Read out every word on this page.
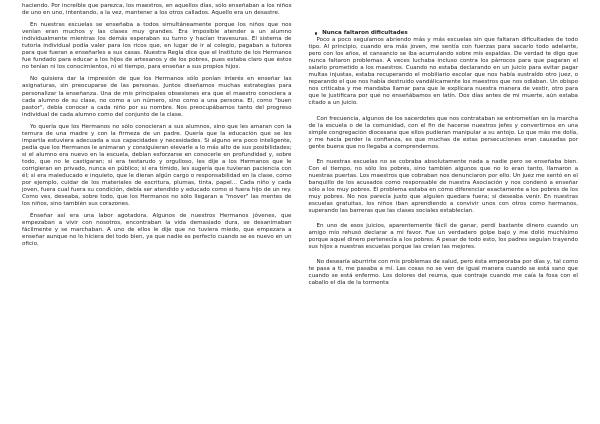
haciendo. Por increíble que parezca, los maestros, en aquellos días, sólo enseñaban a los niños de uno en uno, intentando, a la vez, mantener a los otros callados. Aquello era un desastre.

En nuestras escuelas se enseñaba a todos simultáneamente porque los niños que nos venían eran muchos y las clases muy grandes. Era imposible atender a un alumno individualmente mientras los demás esperaban su turno y hacían travesuras. El sistema de tutoría individual podía valer para los ricos que, en lugar de ir al colegio, pagaban a tutores para que fueran a enseñarles a sus casas. Nuestra Regla dice que el Instituto de los Hermanos fue fundado para educar a los hijos de artesanos y de los pobres, pues estaba claro que éstos no tenían ni los conocimientos, ni el tiempo, para enseñar a sus propios hijos.

No quisiera dar la impresión de que los Hermanos sólo ponían interés en enseñar las asignaturas, sin preocuparse de las personas. Juntos diseñamos muchas estrategias para personalizar la enseñanza. Una de mis principales obsesiones era que el maestro conociera a cada alumno de su clase, no como a un número, sino como a una persona. El, como "buen pastor", debía conocer a cada niño por su nombre. Nos preocupábamos tanto del progreso individual de cada alumno como del conjunto de la clase.

Yo quería que los Hermanos no sólo conocieran a sus alumnos, sino que les amaran con la ternura de una madre y con la firmeza de un padre. Quería que la educación que se les impartía estuviera adecuada a sus capacidades y necesidades. Si alguno era poco inteligente, pedía que los Hermanos le animaran y consiguieran elevarle a lo más alto de sus posibilidades; si el alumno era nuevo en la escuela, debían esforzarse en conocerle en profundidad y, sobre todo, que no le castigaran; si era testarudo y orgulloso, les dije a los Hermanos que le corrigieran en privado, nunca en público; si era tímido, les sugería que tuvieran paciencia con él; si era maleducado e inquieto, que le dieran algún cargo o responsabilidad en la clase, como por ejemplo, cuidar de los materiales de escritura, plumas, tinta, papel... Cada niño y cada joven, fuera cual fuera su condición, debía ser atendido y educado como si fuera hijo de un rey. Como ves, deseaba, sobre todo, que los Hermanos no sólo llegaran a "mover" las mentes de los niños, sino también sus corazones.

Enseñar así era una labor agotadora. Algunos de nuestros Hermanos jóvenes, que empezaban a vivir con nosotros, encontraban la vida demasiado dura, se desanimaban fácilmente y se marchaban. A uno de ellos le dije que no tuviera miedo, que empezara a enseñar aunque no lo hiciera del todo bien, ya que nadie es perfecto cuando se es nuevo en un oficio.

Nunca faltaron dificultades

Poco a poco seguíamos abriendo más y más escuelas sin que faltaran dificultades de todo tipo. Al principio, cuando era más joven, me sentía con fuerzas para sacarlo todo adelante, pero con los años, el cansancio se iba acumulando sobre mis espaldas. De verdad te digo que nunca faltaron problemas. A veces luchaba incluso contra los párrocos para que pagaran el salario prometido a los maestros. Cuando no estaba declarando en un juicio para evitar pagar multas injustas, estaba recuperando el mobiliario escolar que nos había sustraído otro juez, o reparando el que nos había destruido vandálicamente los maestros que nos odiaban. Un obispo nos criticaba y me mandaba llamar para que le explicara nuestra manera de vestir, otro para que le justificara por qué no enseñábamos en latín. Dos días antes de mi muerte, aún estaba citado a un juicio.

Con frecuencia, algunos de los sacerdotes que nos contrataban se entrometían en la marcha de la escuela o de la comunidad, con el fin de hacerse nuestros jefes y convertirnos en una simple congregación diocesana que ellos pudieran manipular a su antojo. Lo que más me dolía, y me hacía perder la confianza, es que muchas de estas persecuciones eran causadas por gente buena que no llegaba a comprendernos.

En nuestras escuelas no se cobraba absolutamente nada a nadie pero se enseñaba bien. Con el tiempo, no sólo los pobres, sino también algunos que no lo eran tanto, llamaron a nuestras puertas. Los maestros que cobraban nos denunciaron por ello. Un juez me sentó en el banquillo de los acusados como responsable de nuestra Asociación y nos condenó a enseñar sólo a los muy pobres. El problema estaba en cómo diferenciar exactamente a los pobres de los muy pobres. No nos parecía justo que alguien quedara fuera; si deseaba venir. En nuestras escuelas gratuitas, los niños iban aprendiendo a convivir unos con otros como hermanos, superando las barreras que las clases sociales establecían.

En uno de esos juicios, aparentemente fácil de ganar, perdí bastante dinero cuando un amigo mío rehusó declarar a mi favor. Fue un verdadero golpe bajo y me dolió muchísimo porque aquel dinero pertenecía a los pobres. A pesar de todo esto, los padres seguían trayendo sus hijos a nuestras escuelas porque las creían las mejores.

No desearía aburrirte con mis problemas de salud, pero ésta empeoraba por días y, tal como te pasa a ti, me pasaba a mí. Las cosas no se ven de igual manera cuando se está sano que cuando se está enfermo. Los dolores del reuma, que contraje cuando me caía la fosa con el caballo el día de la tormenta
